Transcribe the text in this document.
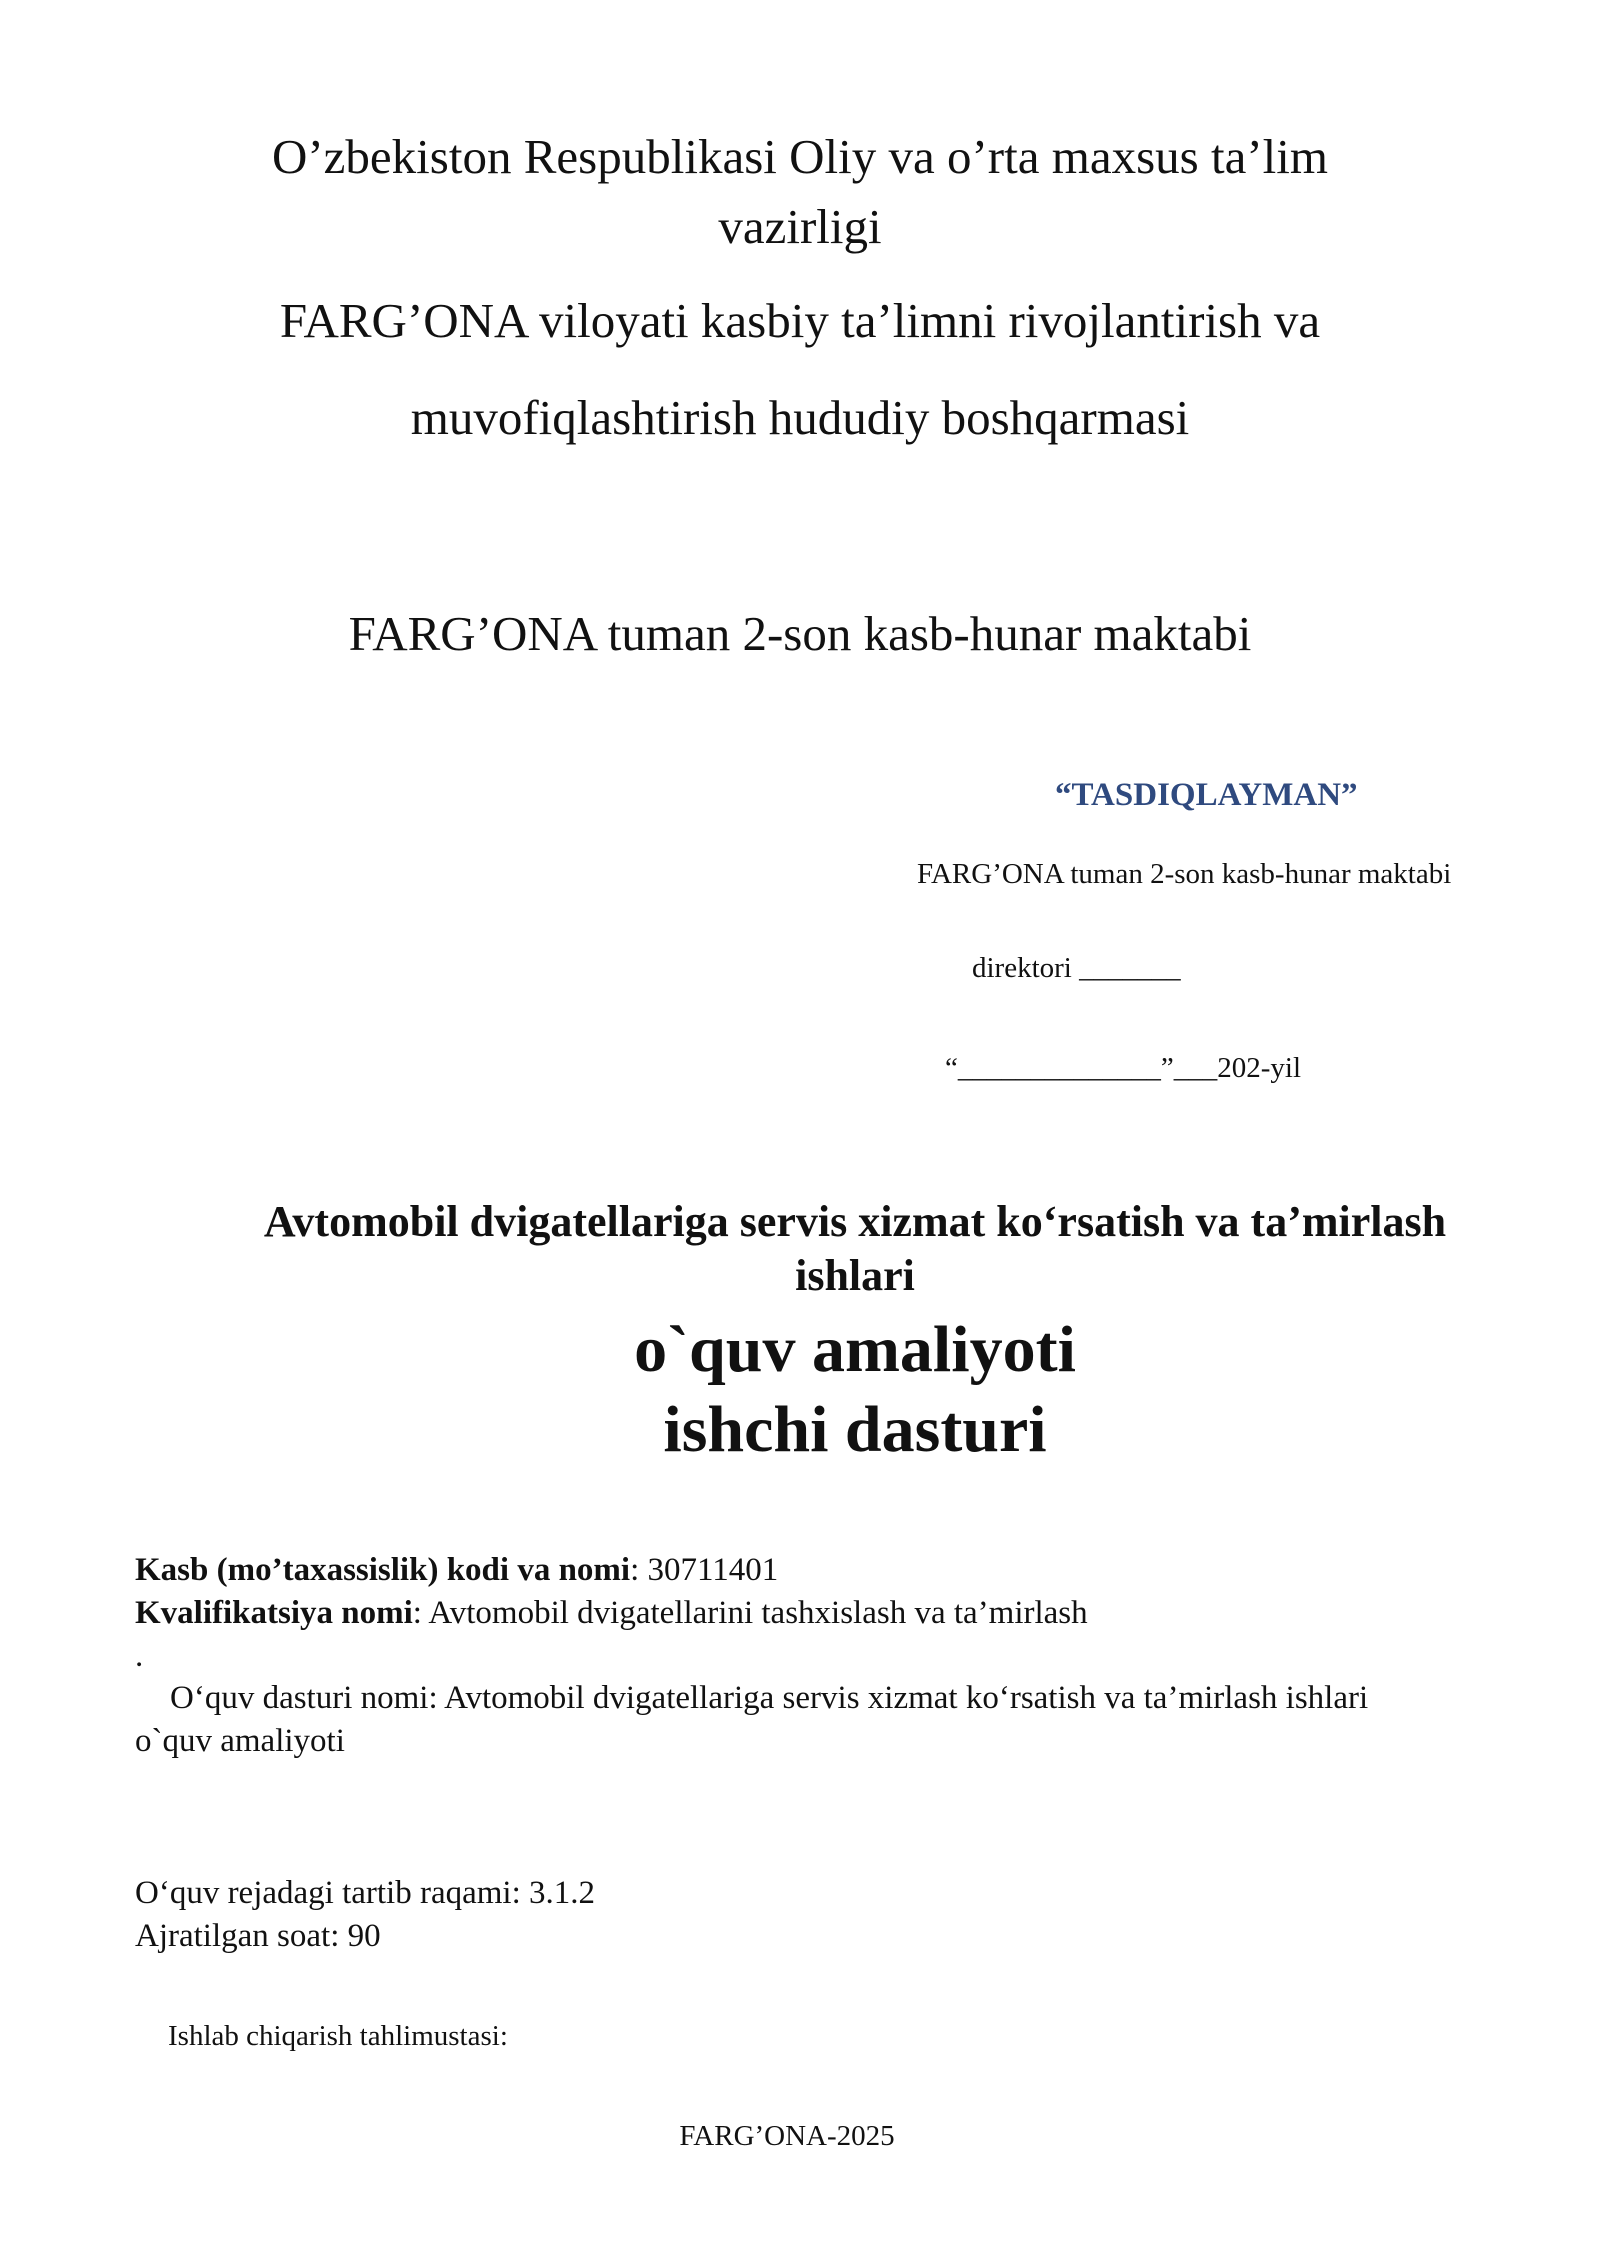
O’zbekiston Respublikasi Oliy va o’rta maxsus ta’lim
vazirligi
FARG’ONA viloyati kasbiy ta’limni rivojlantirish va
muvofiqlashtirish hududiy boshqarmasi
FARG’ONA tuman 2-son kasb-hunar maktabi
“TASDIQLAYMAN”
FARG’ONA tuman 2-son kasb-hunar maktabi
direktori _______
“______________”___202-yil
Avtomobil dvigatellariga servis xizmat ko‘rsatish va ta’mirlash
ishlari
o`quv amaliyoti
ishchi dasturi
Kasb (mo’taxassislik) kodi va nomi: 30711401
Kvalifikatsiya nomi: Avtomobil dvigatellarini tashxislash va ta’mirlash
.
O‘quv dasturi nomi: Avtomobil dvigatellariga servis xizmat ko‘rsatish va ta’mirlash ishlari
o`quv amaliyoti
O‘quv rejadagi tartib raqami: 3.1.2
Ajratilgan soat: 90
Ishlab chiqarish tahlimustasi:
FARG’ONA-2025
